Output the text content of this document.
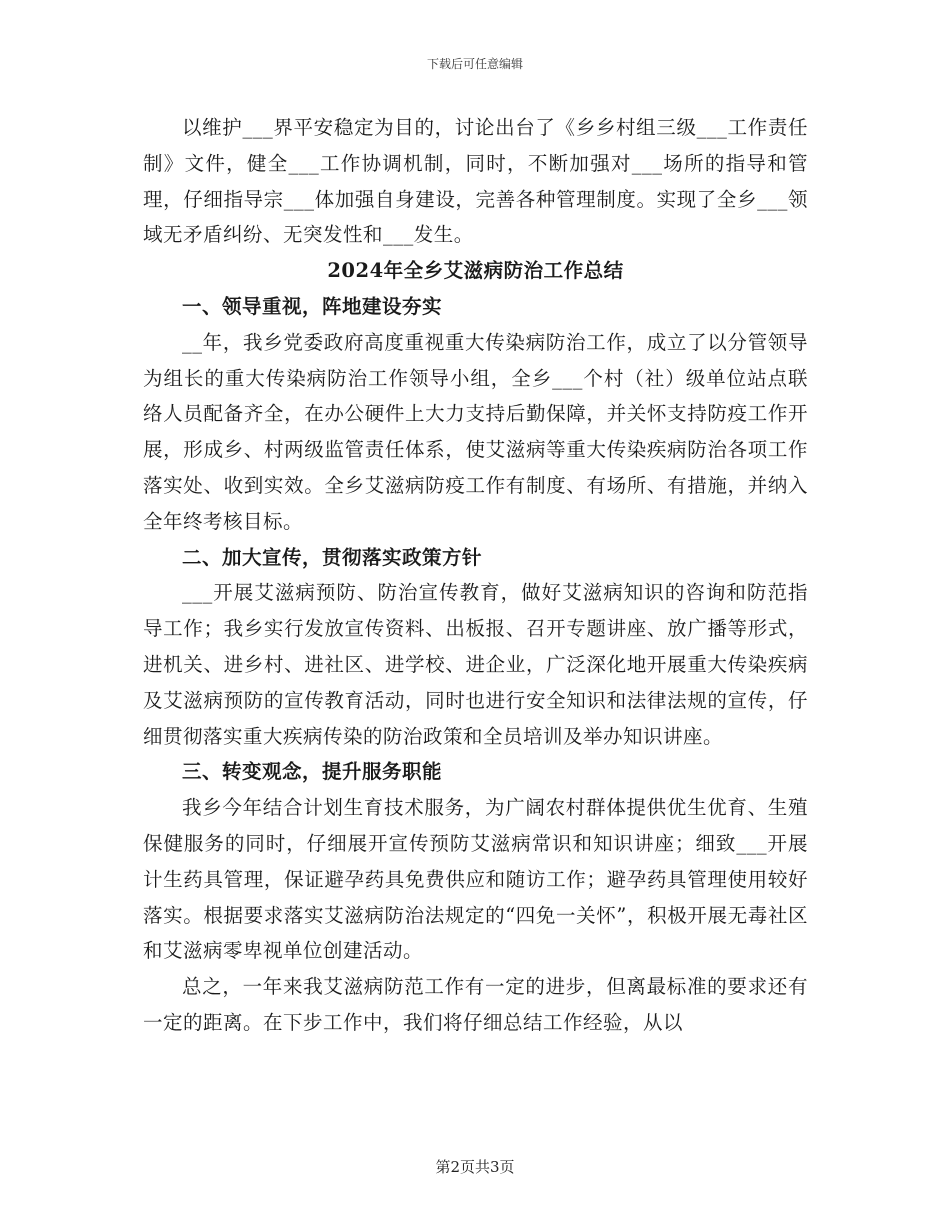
下载后可任意编辑

以维护___界平安稳定为目的，讨论出台了《乡乡村组三级___工作责任制》文件，健全___工作协调机制，同时，不断加强对___场所的指导和管理，仔细指导宗___体加强自身建设，完善各种管理制度。实现了全乡___领域无矛盾纠纷、无突发性和___发生。

2024年全乡艾滋病防治工作总结

一、领导重视，阵地建设夯实

__年，我乡党委政府高度重视重大传染病防治工作，成立了以分管领导为组长的重大传染病防治工作领导小组，全乡___个村（社）级单位站点联络人员配备齐全，在办公硬件上大力支持后勤保障，并关怀支持防疫工作开展，形成乡、村两级监管责任体系，使艾滋病等重大传染疾病防治各项工作落实处、收到实效。全乡艾滋病防疫工作有制度、有场所、有措施，并纳入全年终考核目标。

二、加大宣传，贯彻落实政策方针

___开展艾滋病预防、防治宣传教育，做好艾滋病知识的咨询和防范指导工作；我乡实行发放宣传资料、出板报、召开专题讲座、放广播等形式，进机关、进乡村、进社区、进学校、进企业，广泛深化地开展重大传染疾病及艾滋病预防的宣传教育活动，同时也进行安全知识和法律法规的宣传，仔细贯彻落实重大疾病传染的防治政策和全员培训及举办知识讲座。

三、转变观念，提升服务职能

我乡今年结合计划生育技术服务，为广阔农村群体提供优生优育、生殖保健服务的同时，仔细展开宣传预防艾滋病常识和知识讲座；细致___开展计生药具管理，保证避孕药具免费供应和随访工作；避孕药具管理使用较好落实。根据要求落实艾滋病防治法规定的“四免一关怀”，积极开展无毒社区和艾滋病零卑视单位创建活动。

总之，一年来我艾滋病防范工作有一定的进步，但离最标准的要求还有一定的距离。在下步工作中，我们将仔细总结工作经验，从以

第2页共3页
